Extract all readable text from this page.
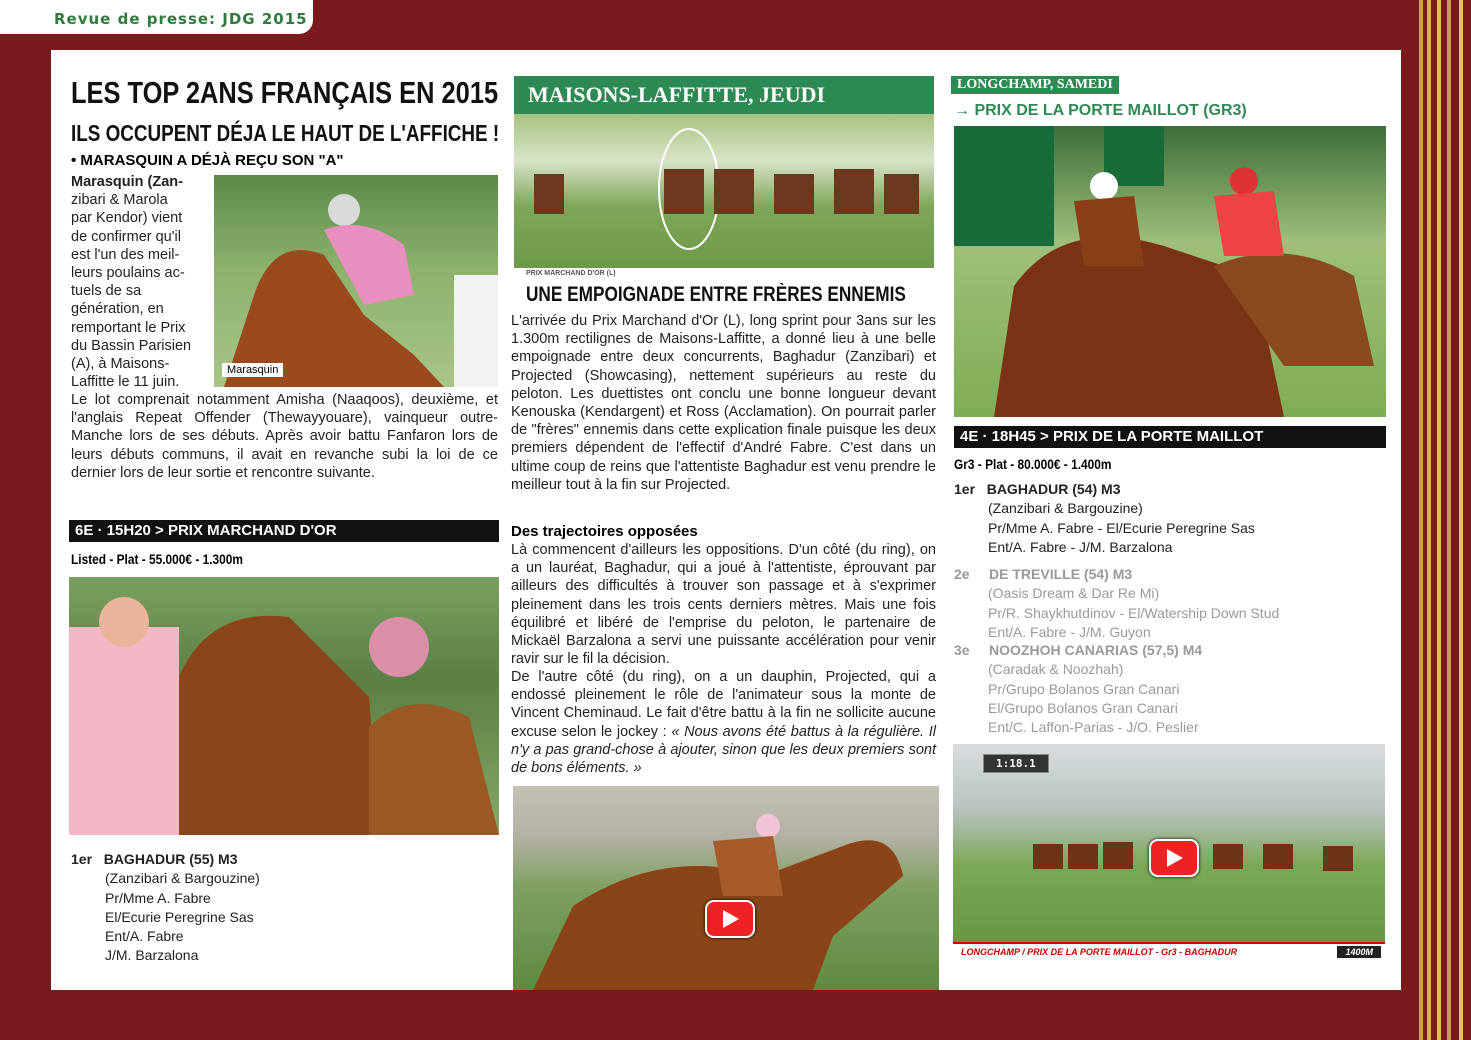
Revue de presse: JDG 2015
LES TOP 2ANS FRANÇAIS EN 2015
ILS OCCUPENT DÉJA LE HAUT DE L'AFFICHE !
• MARASQUIN A DÉJÀ REÇU SON "A"
Marasquin
Marasquin (Zan-
zibari & Marola
par Kendor) vient
de confirmer qu'il
est l'un des meil-
leurs poulains ac-
tuels de sa
génération, en
remportant le Prix
du Bassin Parisien
(A), à Maisons-
Laffitte le 11 juin.
Le lot comprenait notamment Amisha (Naaqoos), deuxième, et l'anglais Repeat Offender (Thewayyouare), vainqueur outre-Manche lors de ses débuts. Après avoir battu Fanfaron lors de leurs débuts communs, il avait en revanche subi la loi de ce dernier lors de leur sortie et rencontre suivante.
6E · 15H20 > PRIX MARCHAND D'OR
Listed - Plat - 55.000€ - 1.300m
1er BAGHADUR (55) M3
(Zanzibari & Bargouzine)
Pr/Mme A. Fabre
El/Ecurie Peregrine Sas
Ent/A. Fabre
J/M. Barzalona
MAISONS-LAFFITTE, JEUDI
PRIX MARCHAND D'OR (L)
UNE EMPOIGNADE ENTRE FRÈRES ENNEMIS
L'arrivée du Prix Marchand d'Or (L), long sprint pour 3ans sur les 1.300m rectilignes de Maisons-Laffitte, a donné lieu à une belle empoignade entre deux concurrents, Baghadur (Zanzibari) et Projected (Showcasing), nettement supérieurs au reste du peloton. Les duettistes ont conclu une bonne longueur devant Kenouska (Kendargent) et Ross (Acclamation). On pourrait parler de "frères" ennemis dans cette explication finale puisque les deux premiers dépendent de l'effectif d'André Fabre. C'est dans un ultime coup de reins que l'attentiste Baghadur est venu prendre le meilleur tout à la fin sur Projected.
Des trajectoires opposées
Là commencent d'ailleurs les oppositions. D'un côté (du ring), on a un lauréat, Baghadur, qui a joué à l'attentiste, éprouvant par ailleurs des difficultés à trouver son passage et à s'exprimer pleinement dans les trois cents derniers mètres. Mais une fois équilibré et libéré de l'emprise du peloton, le partenaire de Mickaël Barzalona a servi une puissante accélération pour venir ravir sur le fil la décision.
De l'autre côté (du ring), on a un dauphin, Projected, qui a endossé pleinement le rôle de l'animateur sous la monte de Vincent Cheminaud. Le fait d'être battu à la fin ne sollicite aucune excuse selon le jockey : « Nous avons été battus à la régulière. Il n'y a pas grand-chose à ajouter, sinon que les deux premiers sont de bons éléments. »
LONGCHAMP, SAMEDI
→ PRIX DE LA PORTE MAILLOT (GR3)
4E · 18H45 > PRIX DE LA PORTE MAILLOT
Gr3 - Plat - 80.000€ - 1.400m
1er BAGHADUR (54) M3
(Zanzibari & Bargouzine)
Pr/Mme A. Fabre - El/Ecurie Peregrine Sas
Ent/A. Fabre - J/M. Barzalona
2e DE TREVILLE (54) M3
(Oasis Dream & Dar Re Mi)
Pr/R. Shaykhutdinov - El/Watership Down Stud
Ent/A. Fabre - J/M. Guyon
3e NOOZHOH CANARIAS (57,5) M4
(Caradak & Noozhah)
Pr/Grupo Bolanos Gran Canari
El/Grupo Bolanos Gran Canari
Ent/C. Laffon-Parias - J/O. Peslier
1:18.1
LONGCHAMP / PRIX DE LA PORTE MAILLOT - Gr3 - BAGHADUR	1400M
